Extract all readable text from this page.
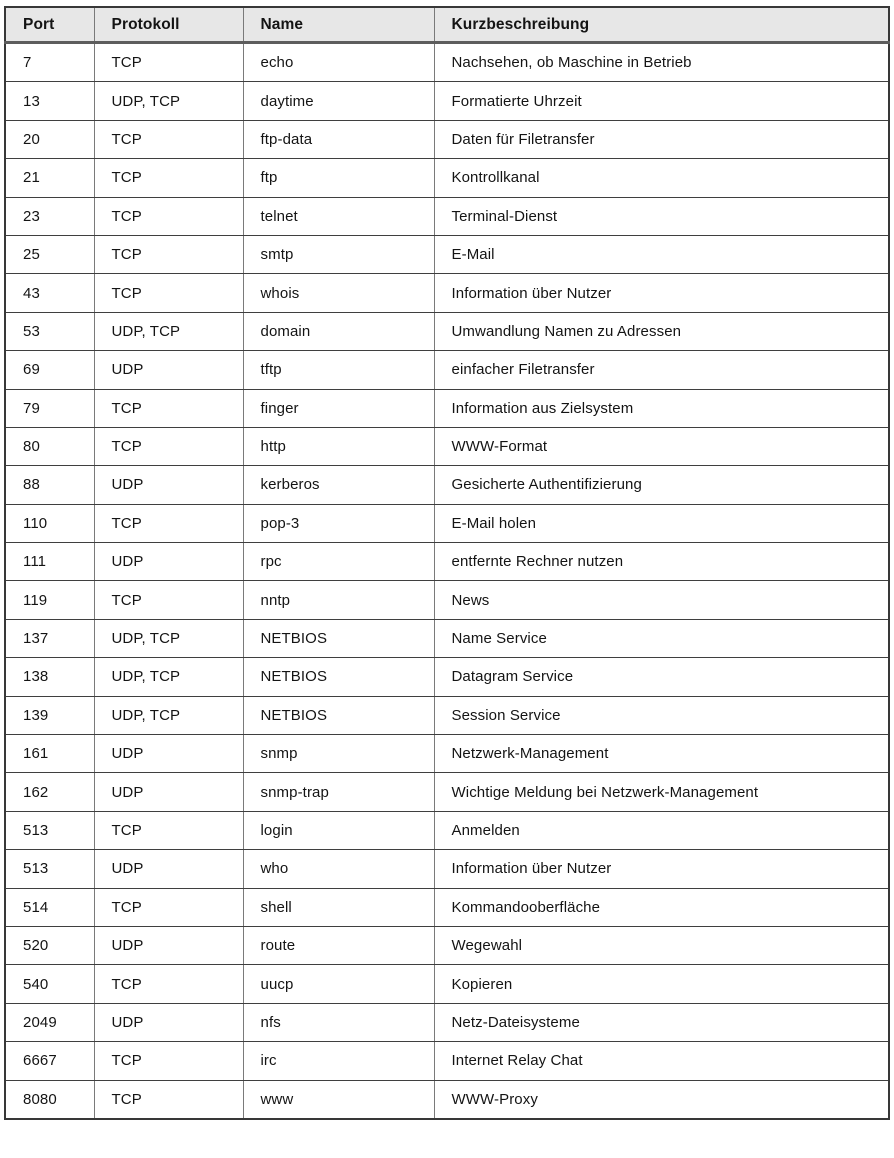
Port	Protokoll	Name	Kurzbeschreibung
7	TCP	echo	Nachsehen, ob Maschine in Betrieb
13	UDP, TCP	daytime	Formatierte Uhrzeit
20	TCP	ftp-data	Daten für Filetransfer
21	TCP	ftp	Kontrollkanal
23	TCP	telnet	Terminal-Dienst
25	TCP	smtp	E-Mail
43	TCP	whois	Information über Nutzer
53	UDP, TCP	domain	Umwandlung Namen zu Adressen
69	UDP	tftp	einfacher Filetransfer
79	TCP	finger	Information aus Zielsystem
80	TCP	http	WWW-Format
88	UDP	kerberos	Gesicherte Authentifizierung
110	TCP	pop-3	E-Mail holen
111	UDP	rpc	entfernte Rechner nutzen
119	TCP	nntp	News
137	UDP, TCP	NETBIOS	Name Service
138	UDP, TCP	NETBIOS	Datagram Service
139	UDP, TCP	NETBIOS	Session Service
161	UDP	snmp	Netzwerk-Management
162	UDP	snmp-trap	Wichtige Meldung bei Netzwerk-Management
513	TCP	login	Anmelden
513	UDP	who	Information über Nutzer
514	TCP	shell	Kommandooberfläche
520	UDP	route	Wegewahl
540	TCP	uucp	Kopieren
2049	UDP	nfs	Netz-Dateisysteme
6667	TCP	irc	Internet Relay Chat
8080	TCP	www	WWW-Proxy
